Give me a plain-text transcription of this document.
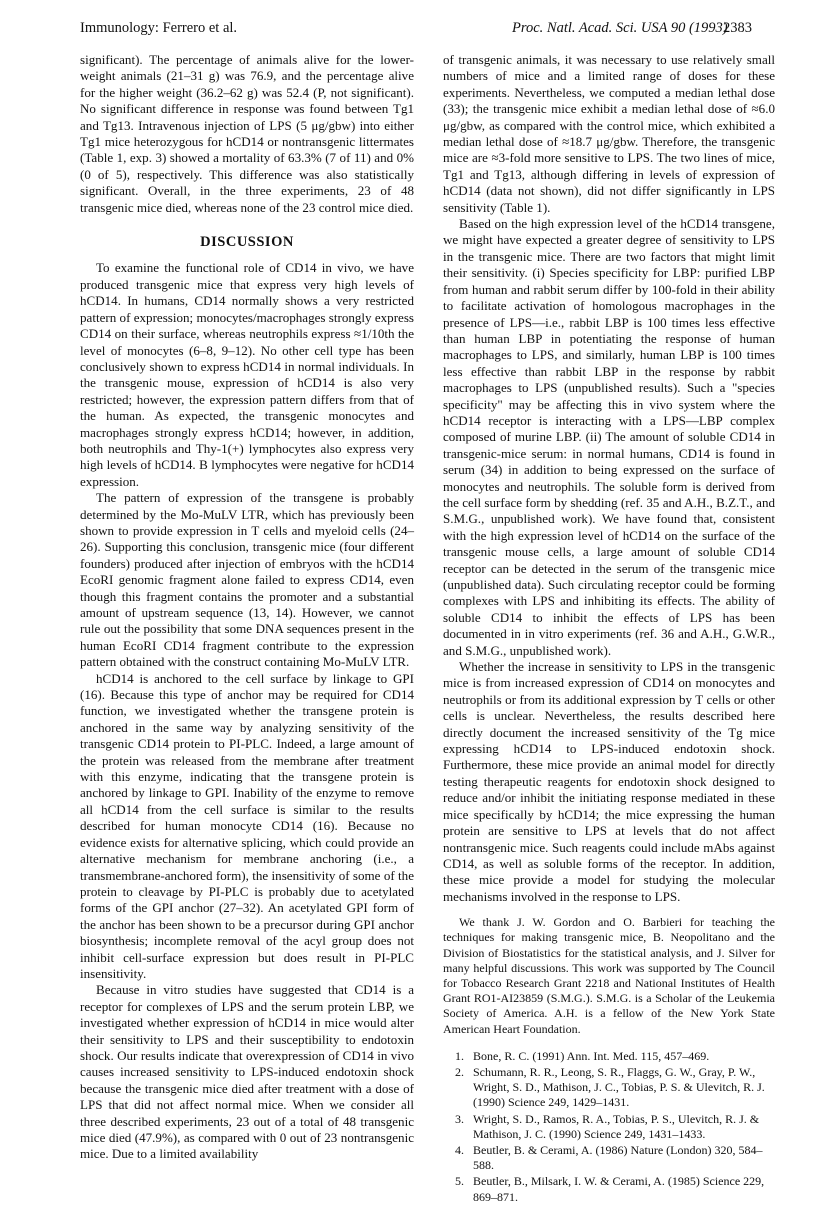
Immunology: Ferrero et al.	Proc. Natl. Acad. Sci. USA 90 (1993)
2383

significant). The percentage of animals alive for the lower-weight animals (21–31 g) was 76.9, and the percentage alive for the higher weight (36.2–62 g) was 52.4 (P, not significant). No significant difference in response was found between Tg1 and Tg13. Intravenous injection of LPS (5 μg/gbw) into either Tg1 mice heterozygous for hCD14 or nontransgenic littermates (Table 1, exp. 3) showed a mortality of 63.3% (7 of 11) and 0% (0 of 5), respectively. This difference was also statistically significant. Overall, in the three experiments, 23 of 48 transgenic mice died, whereas none of the 23 control mice died.

DISCUSSION

To examine the functional role of CD14 in vivo, we have produced transgenic mice that express very high levels of hCD14. In humans, CD14 normally shows a very restricted pattern of expression; monocytes/macrophages strongly express CD14 on their surface, whereas neutrophils express ≈1/10th the level of monocytes (6–8, 9–12). No other cell type has been conclusively shown to express hCD14 in normal individuals. In the transgenic mouse, expression of hCD14 is also very restricted; however, the expression pattern differs from that of the human. As expected, the transgenic monocytes and macrophages strongly express hCD14; however, in addition, both neutrophils and Thy-1(+) lymphocytes also express very high levels of hCD14. B lymphocytes were negative for hCD14 expression.

The pattern of expression of the transgene is probably determined by the Mo-MuLV LTR, which has previously been shown to provide expression in T cells and myeloid cells (24–26). Supporting this conclusion, transgenic mice (four different founders) produced after injection of embryos with the hCD14 EcoRI genomic fragment alone failed to express CD14, even though this fragment contains the promoter and a substantial amount of upstream sequence (13, 14). However, we cannot rule out the possibility that some DNA sequences present in the human EcoRI CD14 fragment contribute to the expression pattern obtained with the construct containing Mo-MuLV LTR.

hCD14 is anchored to the cell surface by linkage to GPI (16). Because this type of anchor may be required for CD14 function, we investigated whether the transgene protein is anchored in the same way by analyzing sensitivity of the transgenic CD14 protein to PI-PLC. Indeed, a large amount of the protein was released from the membrane after treatment with this enzyme, indicating that the transgene protein is anchored by linkage to GPI. Inability of the enzyme to remove all hCD14 from the cell surface is similar to the results described for human monocyte CD14 (16). Because no evidence exists for alternative splicing, which could provide an alternative mechanism for membrane anchoring (i.e., a transmembrane-anchored form), the insensitivity of some of the protein to cleavage by PI-PLC is probably due to acetylated forms of the GPI anchor (27–32). An acetylated GPI form of the anchor has been shown to be a precursor during GPI anchor biosynthesis; incomplete removal of the acyl group does not inhibit cell-surface expression but does result in PI-PLC insensitivity.

Because in vitro studies have suggested that CD14 is a receptor for complexes of LPS and the serum protein LBP, we investigated whether expression of hCD14 in mice would alter their sensitivity to LPS and their susceptibility to endotoxin shock. Our results indicate that overexpression of CD14 in vivo causes increased sensitivity to LPS-induced endotoxin shock because the transgenic mice died after treatment with a dose of LPS that did not affect normal mice. When we consider all three described experiments, 23 out of a total of 48 transgenic mice died (47.9%), as compared with 0 out of 23 nontransgenic mice. Due to a limited availability

of transgenic animals, it was necessary to use relatively small numbers of mice and a limited range of doses for these experiments. Nevertheless, we computed a median lethal dose (33); the transgenic mice exhibit a median lethal dose of ≈6.0 μg/gbw, as compared with the control mice, which exhibited a median lethal dose of ≈18.7 μg/gbw. Therefore, the transgenic mice are ≈3-fold more sensitive to LPS. The two lines of mice, Tg1 and Tg13, although differing in levels of expression of hCD14 (data not shown), did not differ significantly in LPS sensitivity (Table 1).

Based on the high expression level of the hCD14 transgene, we might have expected a greater degree of sensitivity to LPS in the transgenic mice. There are two factors that might limit their sensitivity. (i) Species specificity for LBP: purified LBP from human and rabbit serum differ by 100-fold in their ability to facilitate activation of homologous macrophages in the presence of LPS—i.e., rabbit LBP is 100 times less effective than human LBP in potentiating the response of human macrophages to LPS, and similarly, human LBP is 100 times less effective than rabbit LBP in the response by rabbit macrophages to LPS (unpublished results). Such a "species specificity" may be affecting this in vivo system where the hCD14 receptor is interacting with a LPS—LBP complex composed of murine LBP. (ii) The amount of soluble CD14 in transgenic-mice serum: in normal humans, CD14 is found in serum (34) in addition to being expressed on the surface of monocytes and neutrophils. The soluble form is derived from the cell surface form by shedding (ref. 35 and A.H., B.Z.T., and S.M.G., unpublished work). We have found that, consistent with the high expression level of hCD14 on the surface of the transgenic mouse cells, a large amount of soluble CD14 receptor can be detected in the serum of the transgenic mice (unpublished data). Such circulating receptor could be forming complexes with LPS and inhibiting its effects. The ability of soluble CD14 to inhibit the effects of LPS has been documented in in vitro experiments (ref. 36 and A.H., G.W.R., and S.M.G., unpublished work).

Whether the increase in sensitivity to LPS in the transgenic mice is from increased expression of CD14 on monocytes and neutrophils or from its additional expression by T cells or other cells is unclear. Nevertheless, the results described here directly document the increased sensitivity of the Tg mice expressing hCD14 to LPS-induced endotoxin shock. Furthermore, these mice provide an animal model for directly testing therapeutic reagents for endotoxin shock designed to reduce and/or inhibit the initiating response mediated in these mice specifically by hCD14; the mice expressing the human protein are sensitive to LPS at levels that do not affect nontransgenic mice. Such reagents could include mAbs against CD14, as well as soluble forms of the receptor. In addition, these mice provide a model for studying the molecular mechanisms involved in the response to LPS.

We thank J. W. Gordon and O. Barbieri for teaching the techniques for making transgenic mice, B. Neopolitano and the Division of Biostatistics for the statistical analysis, and J. Silver for many helpful discussions. This work was supported by The Council for Tobacco Research Grant 2218 and National Institutes of Health Grant RO1-AI23859 (S.M.G.). S.M.G. is a Scholar of the Leukemia Society of America. A.H. is a fellow of the New York State American Heart Foundation.

1. Bone, R. C. (1991) Ann. Int. Med. 115, 457–469.
2. Schumann, R. R., Leong, S. R., Flaggs, G. W., Gray, P. W., Wright, S. D., Mathison, J. C., Tobias, P. S. & Ulevitch, R. J. (1990) Science 249, 1429–1431.
3. Wright, S. D., Ramos, R. A., Tobias, P. S., Ulevitch, R. J. & Mathison, J. C. (1990) Science 249, 1431–1433.
4. Beutler, B. & Cerami, A. (1986) Nature (London) 320, 584–588.
5. Beutler, B., Milsark, I. W. & Cerami, A. (1985) Science 229, 869–871.
